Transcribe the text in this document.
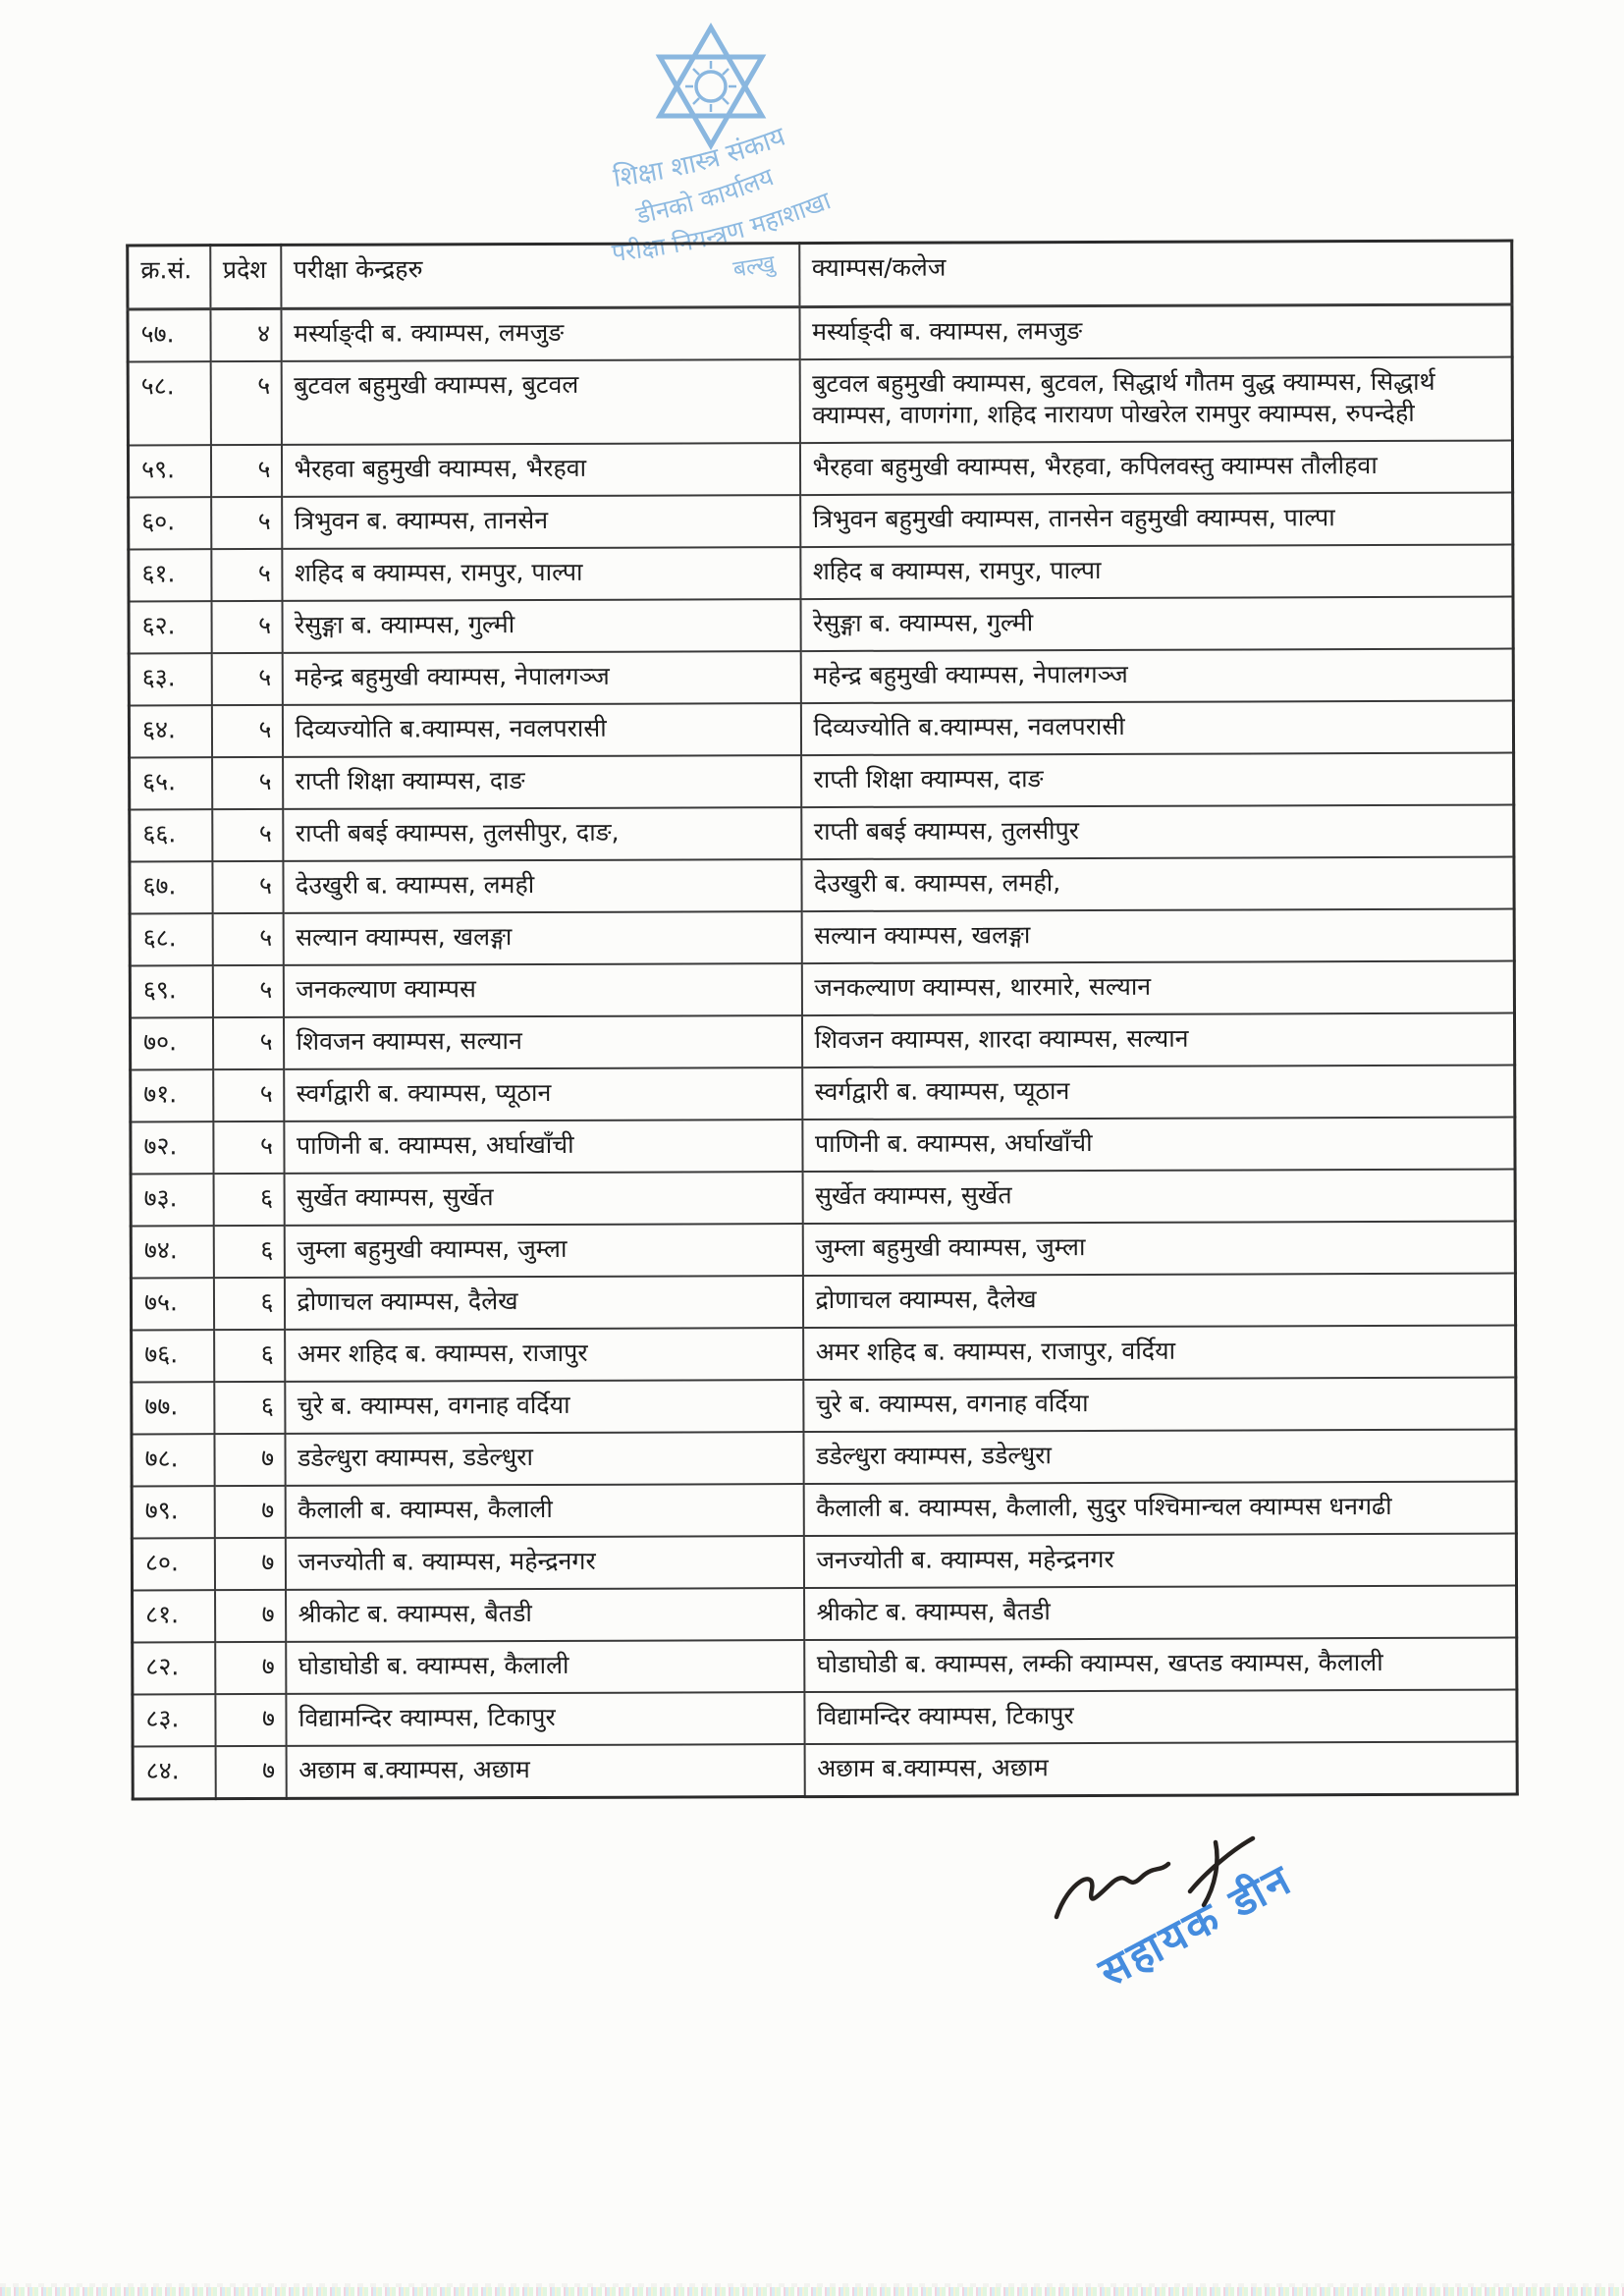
शिक्षा शास्त्र संकाय
डीनको कार्यालय
परीक्षा नियन्त्रण महाशाखा
बल्खु
क्र.सं.	प्रदेश	परीक्षा केन्द्रहरु	क्याम्पस/कलेज
५७.	४	मर्स्याङ्दी ब. क्याम्पस, लमजुङ	मर्स्याङ्दी ब. क्याम्पस, लमजुङ
५८.	५	बुटवल बहुमुखी क्याम्पस, बुटवल	बुटवल बहुमुखी क्याम्पस, बुटवल, सिद्धार्थ गौतम वुद्ध क्याम्पस, सिद्धार्थ क्याम्पस, वाणगंगा, शहिद नारायण पोखरेल रामपुर क्याम्पस, रुपन्देही
५९.	५	भैरहवा बहुमुखी क्याम्पस, भैरहवा	भैरहवा बहुमुखी क्याम्पस, भैरहवा, कपिलवस्तु क्याम्पस तौलीहवा
६०.	५	त्रिभुवन ब. क्याम्पस, तानसेन	त्रिभुवन बहुमुखी क्याम्पस, तानसेन वहुमुखी क्याम्पस, पाल्पा
६१.	५	शहिद ब क्याम्पस, रामपुर, पाल्पा	शहिद ब क्याम्पस, रामपुर, पाल्पा
६२.	५	रेसुङ्गा ब. क्याम्पस, गुल्मी	रेसुङ्गा ब. क्याम्पस, गुल्मी
६३.	५	महेन्द्र बहुमुखी क्याम्पस, नेपालगञ्ज	महेन्द्र बहुमुखी क्याम्पस, नेपालगञ्ज
६४.	५	दिव्यज्योति ब.क्याम्पस, नवलपरासी	दिव्यज्योति ब.क्याम्पस, नवलपरासी
६५.	५	राप्ती शिक्षा क्याम्पस, दाङ	राप्ती शिक्षा क्याम्पस, दाङ
६६.	५	राप्ती बबई क्याम्पस, तुलसीपुर, दाङ,	राप्ती बबई क्याम्पस, तुलसीपुर
६७.	५	देउखुरी ब. क्याम्पस, लमही	देउखुरी ब. क्याम्पस, लमही,
६८.	५	सल्यान क्याम्पस, खलङ्गा	सल्यान क्याम्पस, खलङ्गा
६९.	५	जनकल्याण क्याम्पस	जनकल्याण क्याम्पस, थारमारे, सल्यान
७०.	५	शिवजन क्याम्पस, सल्यान	शिवजन क्याम्पस, शारदा क्याम्पस, सल्यान
७१.	५	स्वर्गद्वारी ब. क्याम्पस, प्यूठान	स्वर्गद्वारी ब. क्याम्पस, प्यूठान
७२.	५	पाणिनी ब. क्याम्पस, अर्घाखाँची	पाणिनी ब. क्याम्पस, अर्घाखाँची
७३.	६	सुर्खेत क्याम्पस, सुर्खेत	सुर्खेत क्याम्पस, सुर्खेत
७४.	६	जुम्ला बहुमुखी क्याम्पस, जुम्ला	जुम्ला बहुमुखी क्याम्पस, जुम्ला
७५.	६	द्रोणाचल क्याम्पस, दैलेख	द्रोणाचल क्याम्पस, दैलेख
७६.	६	अमर शहिद ब. क्याम्पस, राजापुर	अमर शहिद ब. क्याम्पस, राजापुर, वर्दिया
७७.	६	चुरे ब. क्याम्पस, वगनाह वर्दिया	चुरे ब. क्याम्पस, वगनाह वर्दिया
७८.	७	डडेल्धुरा क्याम्पस, डडेल्धुरा	डडेल्धुरा क्याम्पस, डडेल्धुरा
७९.	७	कैलाली ब. क्याम्पस, कैलाली	कैलाली ब. क्याम्पस, कैलाली, सुदुर पश्चिमान्चल क्याम्पस धनगढी
८०.	७	जनज्योती ब. क्याम्पस, महेन्द्रनगर	जनज्योती ब. क्याम्पस, महेन्द्रनगर
८१.	७	श्रीकोट ब. क्याम्पस, बैतडी	श्रीकोट ब. क्याम्पस, बैतडी
८२.	७	घोडाघोडी ब. क्याम्पस, कैलाली	घोडाघोडी ब. क्याम्पस, लम्की क्याम्पस, खप्तड क्याम्पस, कैलाली
८३.	७	विद्यामन्दिर क्याम्पस, टिकापुर	विद्यामन्दिर क्याम्पस, टिकापुर
८४.	७	अछाम ब.क्याम्पस, अछाम	अछाम ब.क्याम्पस, अछाम
सहायक डीन
